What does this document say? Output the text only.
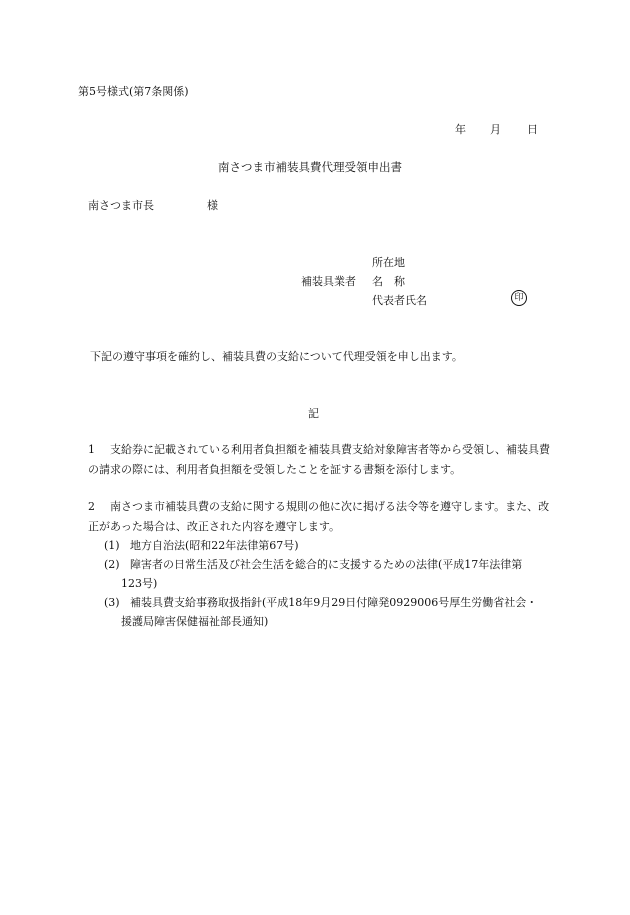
第5号様式(第7条関係)
年 月 日
南さつま市補装具費代理受領申出書
南さつま市長	様
補装具業者
所在地
名　称
代表者氏名	印
下記の遵守事項を確約し、補装具費の支給について代理受領を申し出ます。
記
1 支給券に記載されている利用者負担額を補装具費支給対象障害者等から受領し、補装具費の請求の際には、利用者負担額を受領したことを証する書類を添付します。
2 南さつま市補装具費の支給に関する規則の他に次に掲げる法令等を遵守します。また、改正があった場合は、改正された内容を遵守します。
(1) 地方自治法(昭和22年法律第67号)
(2) 障害者の日常生活及び社会生活を総合的に支援するための法律(平成17年法律第
123号)
(3) 補装具費支給事務取扱指針(平成18年9月29日付障発0929006号厚生労働省社会・
援護局障害保健福祉部長通知)
